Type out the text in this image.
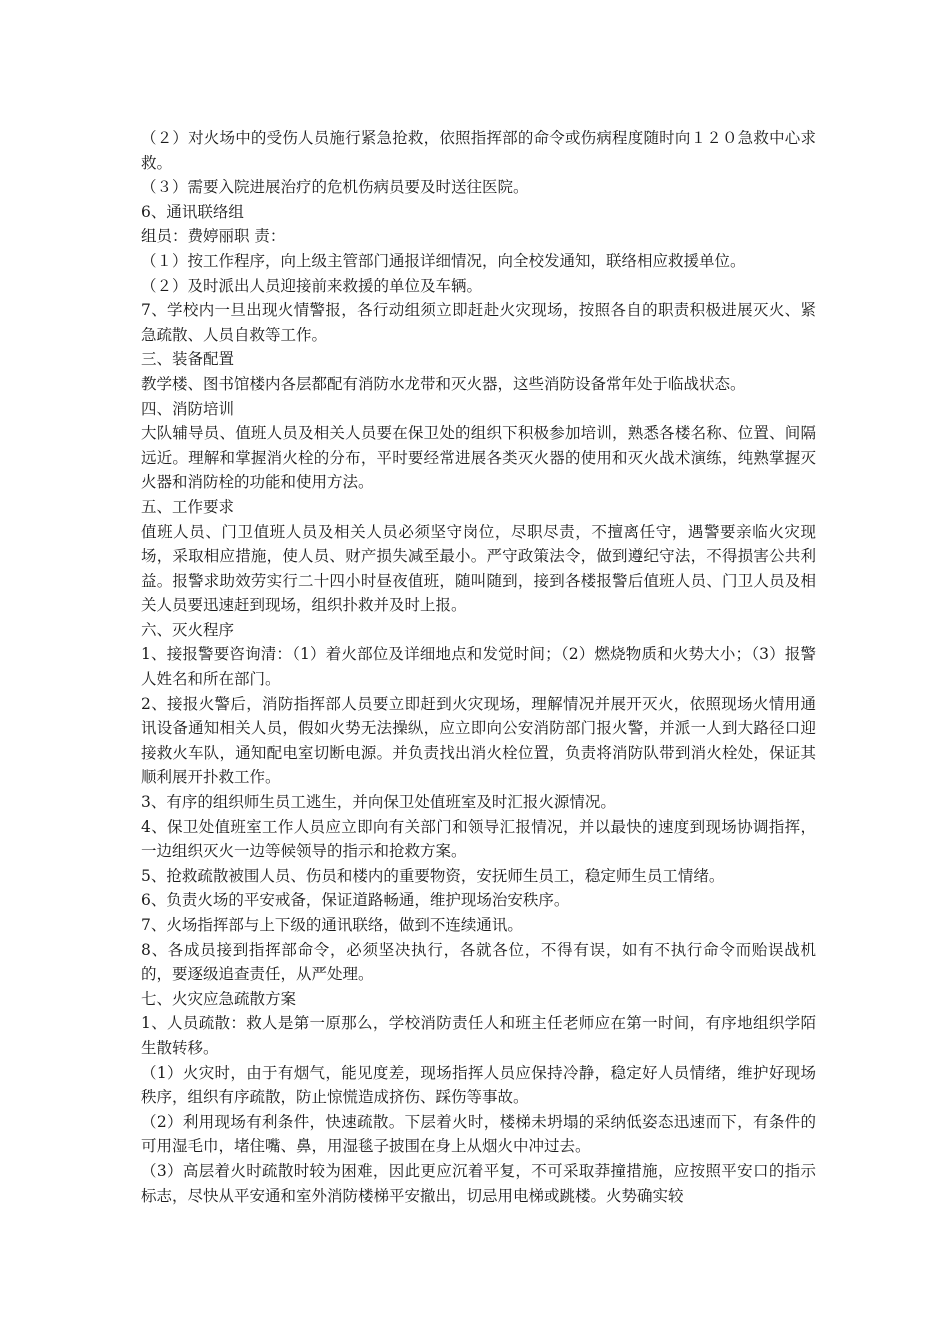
（２）对火场中的受伤人员施行紧急抢救，依照指挥部的命令或伤病程度随时向１２０急救中心求救。

（３）需要入院进展治疗的危机伤病员要及时送往医院。

6、通讯联络组

组员：费婷丽职 责：

（１）按工作程序，向上级主管部门通报详细情况，向全校发通知，联络相应救援单位。

（２）及时派出人员迎接前来救援的单位及车辆。

7、学校内一旦出现火情警报，各行动组须立即赶赴火灾现场，按照各自的职责积极进展灭火、紧急疏散、人员自救等工作。

三、装备配置

教学楼、图书馆楼内各层都配有消防水龙带和灭火器，这些消防设备常年处于临战状态。

四、消防培训

大队辅导员、值班人员及相关人员要在保卫处的组织下积极参加培训，熟悉各楼名称、位置、间隔远近。理解和掌握消火栓的分布，平时要经常进展各类灭火器的使用和灭火战术演练，纯熟掌握灭火器和消防栓的功能和使用方法。

五、工作要求

值班人员、门卫值班人员及相关人员必须坚守岗位，尽职尽责，不擅离任守，遇警要亲临火灾现场，采取相应措施，使人员、财产损失减至最小。严守政策法令，做到遵纪守法，不得损害公共利益。报警求助效劳实行二十四小时昼夜值班，随叫随到，接到各楼报警后值班人员、门卫人员及相关人员要迅速赶到现场，组织扑救并及时上报。

六、灭火程序

1、接报警要咨询清：（1）着火部位及详细地点和发觉时间；（2）燃烧物质和火势大小；（3）报警人姓名和所在部门。

2、接报火警后，消防指挥部人员要立即赶到火灾现场，理解情况并展开灭火，依照现场火情用通讯设备通知相关人员，假如火势无法操纵，应立即向公安消防部门报火警，并派一人到大路径口迎接救火车队，通知配电室切断电源。并负责找出消火栓位置，负责将消防队带到消火栓处，保证其顺利展开扑救工作。

3、有序的组织师生员工逃生，并向保卫处值班室及时汇报火源情况。

4、保卫处值班室工作人员应立即向有关部门和领导汇报情况，并以最快的速度到现场协调指挥，一边组织灭火一边等候领导的指示和抢救方案。

5、抢救疏散被围人员、伤员和楼内的重要物资，安抚师生员工，稳定师生员工情绪。

6、负责火场的平安戒备，保证道路畅通，维护现场治安秩序。

7、火场指挥部与上下级的通讯联络，做到不连续通讯。

8、各成员接到指挥部命令，必须坚决执行，各就各位，不得有误，如有不执行命令而贻误战机的，要逐级追查责任，从严处理。

七、火灾应急疏散方案

1、人员疏散：救人是第一原那么，学校消防责任人和班主任老师应在第一时间，有序地组织学陌生散转移。

（1）火灾时，由于有烟气，能见度差，现场指挥人员应保持冷静，稳定好人员情绪，维护好现场秩序，组织有序疏散，防止惊慌造成挤伤、踩伤等事故。

（2）利用现场有利条件，快速疏散。下层着火时，楼梯未坍塌的采纳低姿态迅速而下，有条件的可用湿毛巾，堵住嘴、鼻，用湿毯子披围在身上从烟火中冲过去。

（3）高层着火时疏散时较为困难，因此更应沉着平复，不可采取莽撞措施，应按照平安口的指示标志，尽快从平安通和室外消防楼梯平安撤出，切忌用电梯或跳楼。火势确实较
